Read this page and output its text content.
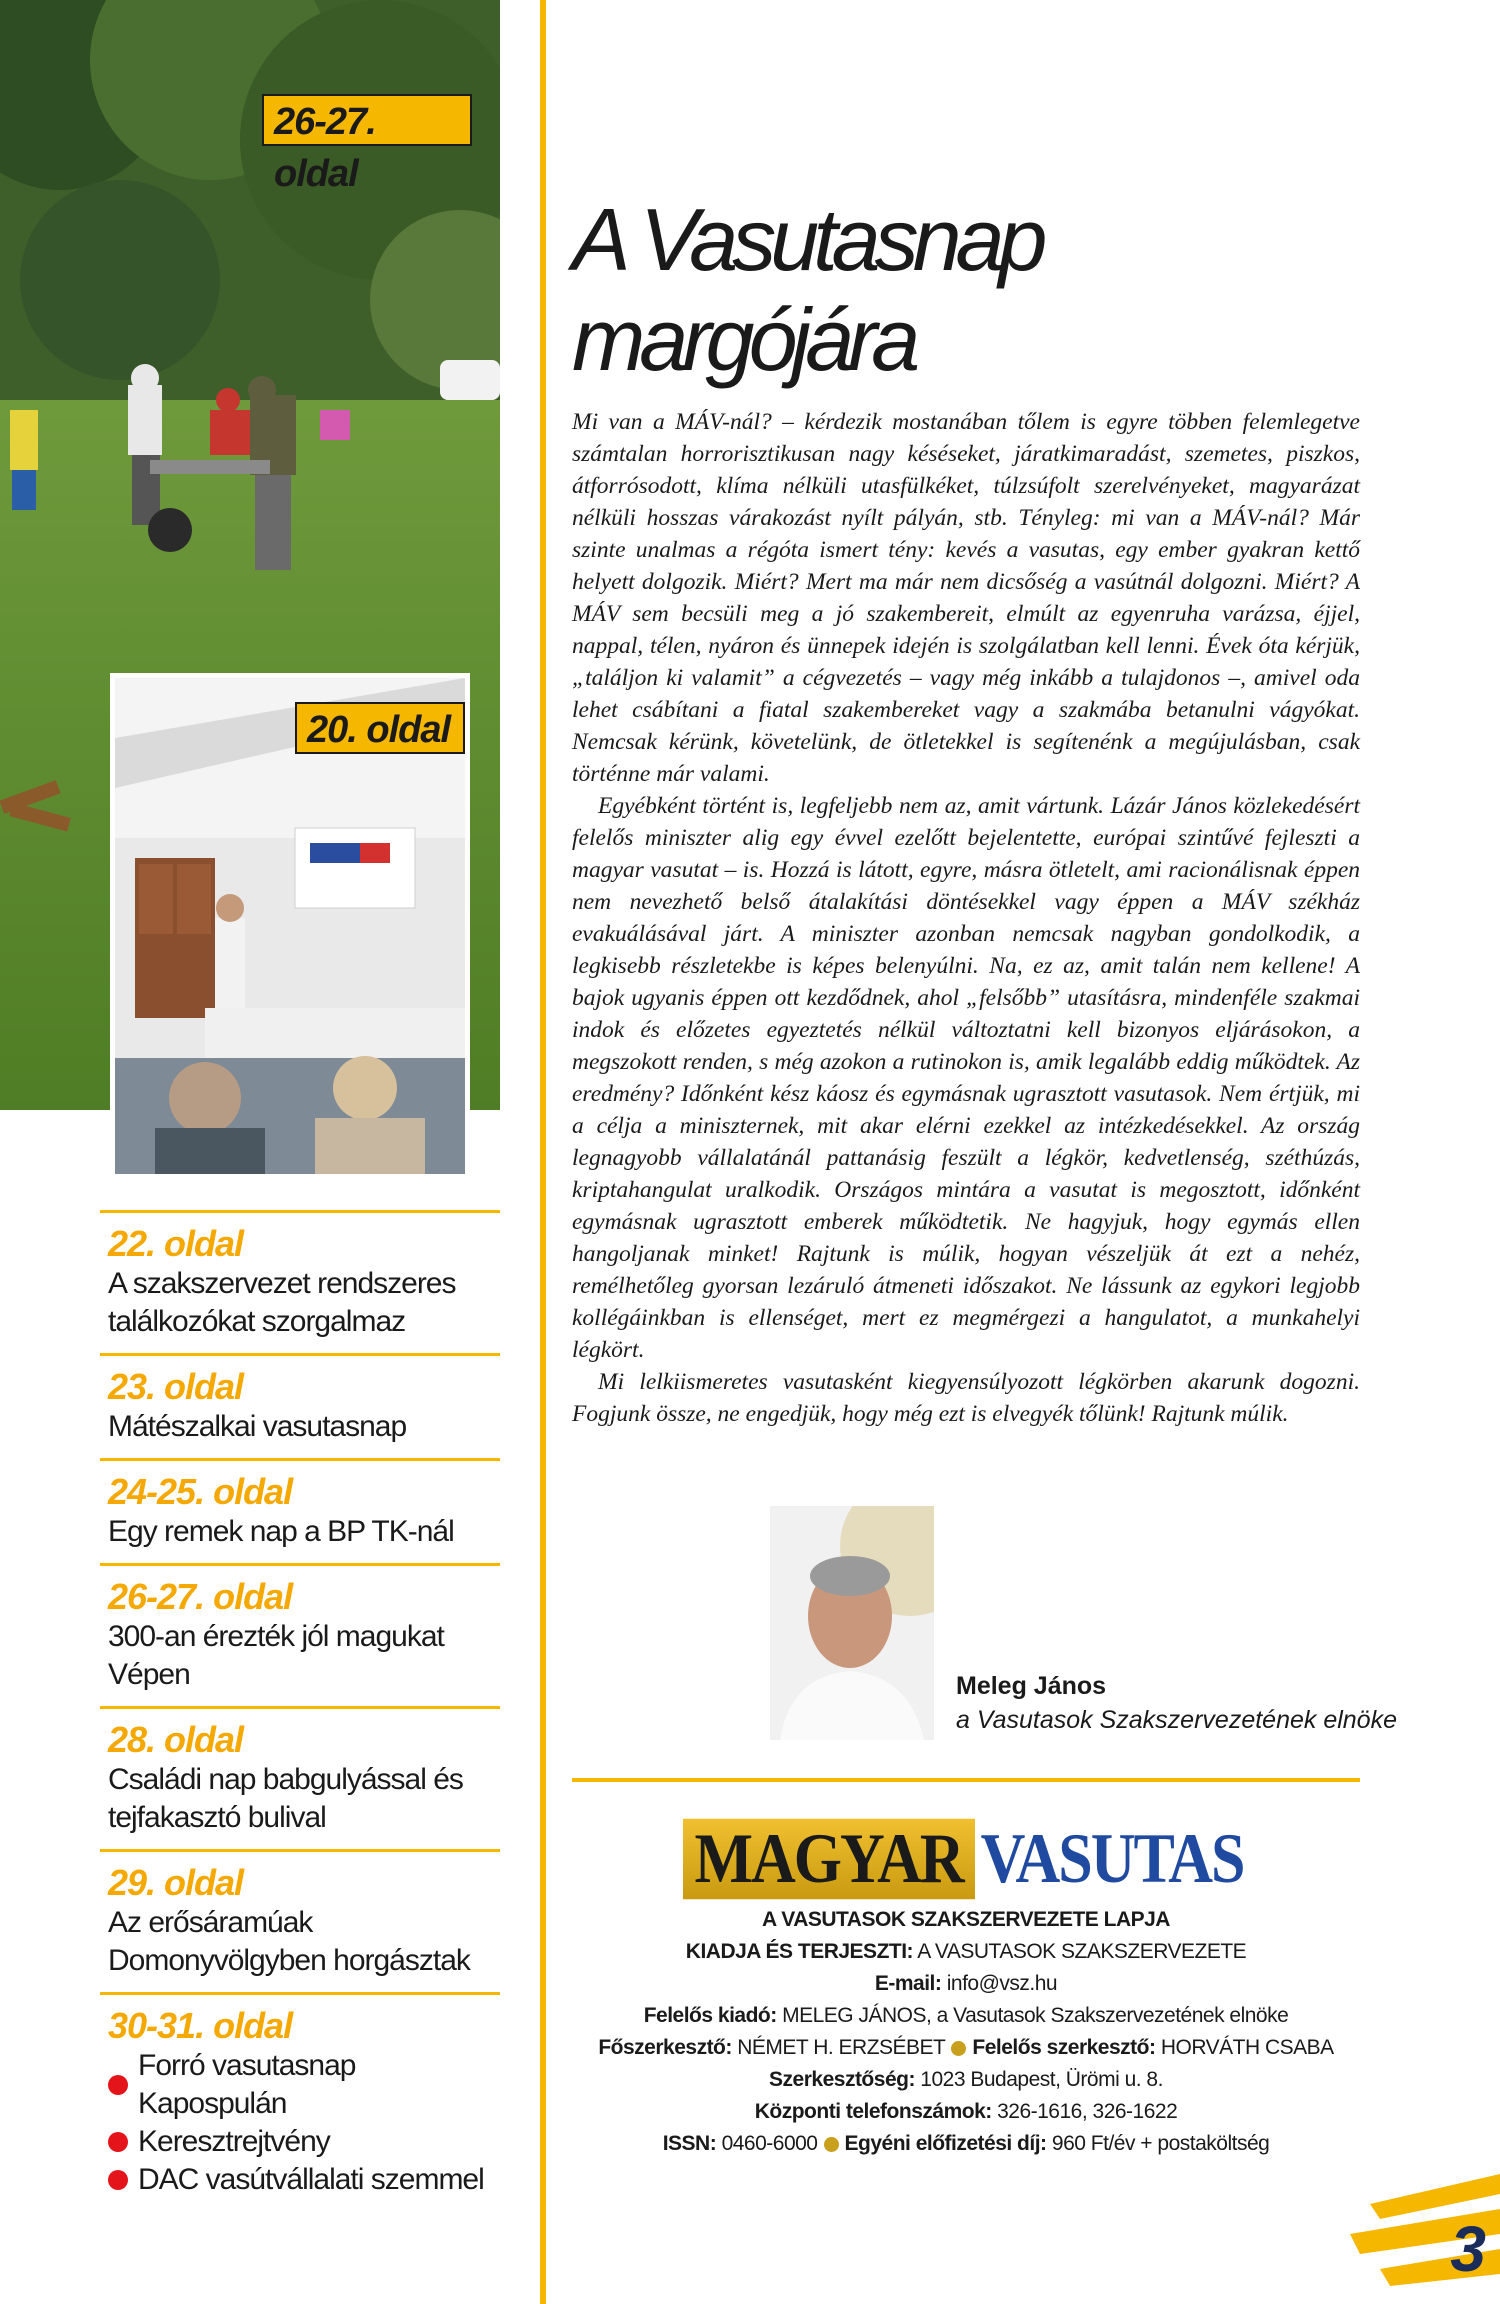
26-27. oldal
20. oldal
22. oldal
A szakszervezet rendszeres találkozókat szorgalmaz
23. oldal
Mátészalkai vasutasnap
24-25. oldal
Egy remek nap a BP TK-nál
26-27. oldal
300-an érezték jól magukat Vépen
28. oldal
Családi nap babgulyással és tejfakasztó bulival
29. oldal
Az erősáramúak Domonyvölgyben horgásztak
30-31. oldal
Forró vasutasnap Kapospulán
Keresztrejtvény
DAC vasútvállalati szemmel
A Vasutasnap margójára

Mi van a MÁV-nál? – kérdezik mostanában tőlem is egyre többen felemlegetve számtalan horrorisztikusan nagy késéseket, járatkimaradást, szemetes, piszkos, átforrósodott, klíma nélküli utasfülkéket, túlzsúfolt szerelvényeket, magyarázat nélküli hosszas várakozást nyílt pályán, stb. Tényleg: mi van a MÁV-nál? Már szinte unalmas a régóta ismert tény: kevés a vasutas, egy ember gyakran kettő helyett dolgozik. Miért? Mert ma már nem dicsőség a vasútnál dolgozni. Miért? A MÁV sem becsüli meg a jó szakembereit, elmúlt az egyenruha varázsa, éjjel, nappal, télen, nyáron és ünnepek idején is szolgálatban kell lenni. Évek óta kérjük, „találjon ki valamit” a cégvezetés – vagy még inkább a tulajdonos –, amivel oda lehet csábítani a fiatal szakembereket vagy a szakmába betanulni vágyókat. Nemcsak kérünk, követelünk, de ötletekkel is segítenénk a megújulásban, csak történne már valami.

Egyébként történt is, legfeljebb nem az, amit vártunk. Lázár János közlekedésért felelős miniszter alig egy évvel ezelőtt bejelentette, európai szintűvé fejleszti a magyar vasutat – is. Hozzá is látott, egyre, másra ötletelt, ami racionálisnak éppen nem nevezhető belső átalakítási döntésekkel vagy éppen a MÁV székház evakuálásával járt. A miniszter azonban nemcsak nagyban gondolkodik, a legkisebb részletekbe is képes belenyúlni. Na, ez az, amit talán nem kellene! A bajok ugyanis éppen ott kezdődnek, ahol „felsőbb” utasításra, mindenféle szakmai indok és előzetes egyeztetés nélkül változtatni kell bizonyos eljárásokon, a megszokott renden, s még azokon a rutinokon is, amik legalább eddig működtek. Az eredmény? Időnként kész káosz és egymásnak ugrasztott vasutasok. Nem értjük, mi a célja a miniszternek, mit akar elérni ezekkel az intézkedésekkel. Az ország legnagyobb vállalatánál pattanásig feszült a légkör, kedvetlenség, széthúzás, kriptahangulat uralkodik. Országos mintára a vasutat is megosztott, időnként egymásnak ugrasztott emberek működtetik. Ne hagyjuk, hogy egymás ellen hangoljanak minket! Rajtunk is múlik, hogyan vészeljük át ezt a nehéz, remélhetőleg gyorsan lezáruló átmeneti időszakot. Ne lássunk az egykori legjobb kollégáinkban is ellenséget, mert ez megmérgezi a hangulatot, a munkahelyi légkört.

Mi lelkiismeretes vasutasként kiegyensúlyozott légkörben akarunk dogozni. Fogjunk össze, ne engedjük, hogy még ezt is elvegyék tőlünk! Rajtunk múlik.

Meleg János
a Vasutasok Szakszervezetének elnöke
MAGYAR VASUTAS
A VASUTASOK SZAKSZERVEZETE LAPJA
KIADJA ÉS TERJESZTI: A VASUTASOK SZAKSZERVEZETE
E-mail: info@vsz.hu
Felelős kiadó: MELEG JÁNOS, a Vasutasok Szakszervezetének elnöke
Főszerkesztő: NÉMET H. ERZSÉBET Felelős szerkesztő: HORVÁTH CSABA
Szerkesztőség: 1023 Budapest, Ürömi u. 8.
Központi telefonszámok: 326-1616, 326-1622
ISSN: 0460-6000 Egyéni előfizetési díj: 960 Ft/év + postaköltség
3
